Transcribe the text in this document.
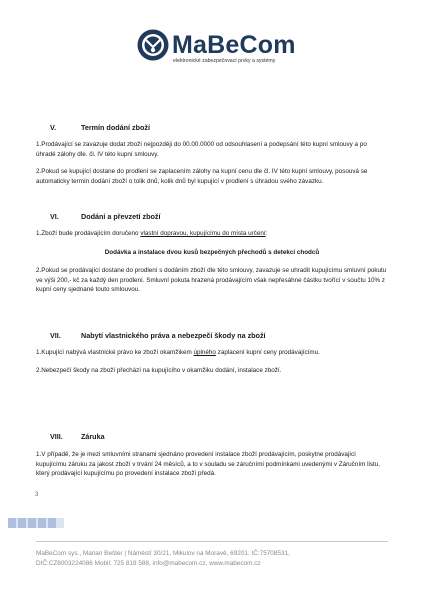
MaBeCom
elektronické zabezpečovací prvky a systémy
V.	Termín dodání zboží
1.Prodávající se zavazuje dodat zboží nejpozději do 00.00.0000 od odsouhlasení a podepsání této kupní smlouvy a po úhradě zálohy dle. čl. IV této kupní smlouvy.
2.Pokud se kupující dostane do prodlení se zaplacením zálohy na kupní cenu dle čl. IV této kupní smlouvy, posouvá se automaticky termín dodání zboží o tolik dnů, kolik dnů byl kupující v prodlení s úhradou svého závazku.
VI.	Dodání a převzetí zboží
1.Zboží bude prodávajícím doručeno vlastní dopravou, kupujícímu do místa určení:
Dodávka a instalace dvou kusů bezpečných přechodů s detekcí chodců
2.Pokud se prodávající dostane do prodlení s dodáním zboží dle této smlouvy, zavazuje se uhradit kupujícímu smluvní pokutu ve výši 200,- kč za každý den prodlení. Smluvní pokuta hrazená prodávajícím však nepřesáhne částku tvořící v součtu 10% z kupní ceny sjednané touto smlouvou.
VII.	Nabytí vlastnického práva a nebezpečí škody na zboží
1.Kupující nabývá vlastnické právo ke zboží okamžikem úplného zaplacení kupní ceny prodávajícímu.
2.Nebezpečí škody na zboží přechází na kupujícího v okamžiku dodání, instalace zboží.
VIII.	Záruka
1.V případě, že je mezi smluvními stranami sjednáno provedení instalace zboží prodávajícím, poskytne prodávající kupujícímu záruku za jakost zboží v trvání 24 měsíců, a to v souladu se záručními podmínkami uvedenými v Záručním listu, který prodávající kupujícímu po provedení instalace zboží předá.
3
MaBeCom sys., Marian Bešter | Náměstí 30/21, Mikulov na Moravě, 69201. IČ:75708531,
DIČ:CZ8003224086 Mobil: 725 818 588, info@mabecom.cz, www.mabecom.cz
